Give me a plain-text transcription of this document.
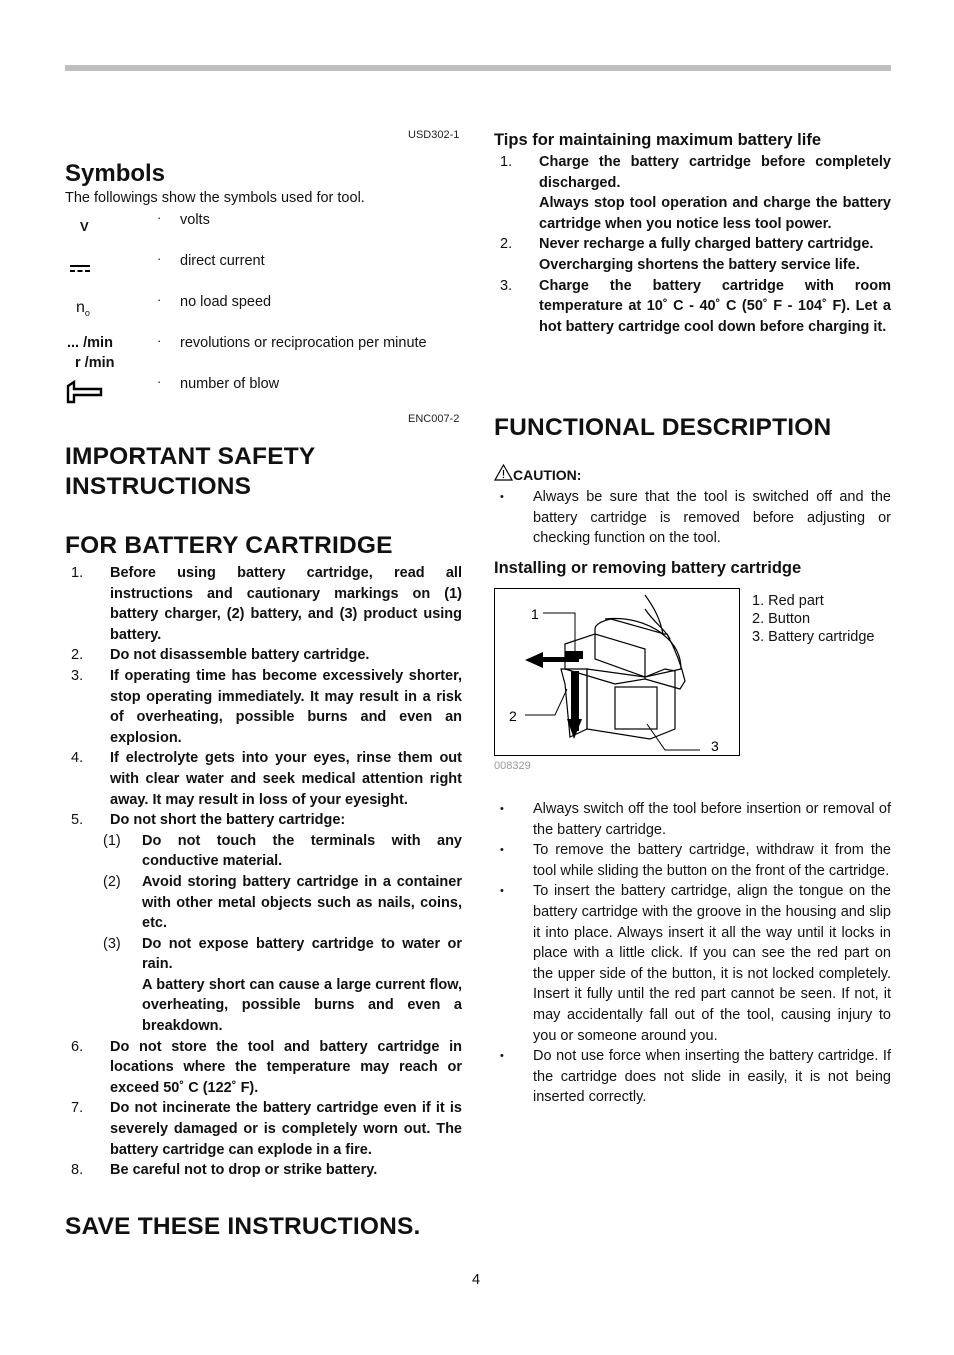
USD302-1
Symbols
The followings show the symbols used for tool.
V
· volts
· direct current
$n_o$
· no load speed
... /min
r /min
· revolutions or reciprocation per minute
· number of blow
ENC007-2
IMPORTANT SAFETY
INSTRUCTIONS
FOR BATTERY CARTRIDGE
1. Before using battery cartridge, read all instructions and cautionary markings on (1) battery charger, (2) battery, and (3) product using battery.
2. Do not disassemble battery cartridge.
3. If operating time has become excessively shorter, stop operating immediately. It may result in a risk of overheating, possible burns and even an explosion.
4. If electrolyte gets into your eyes, rinse them out with clear water and seek medical attention right away. It may result in loss of your eyesight.
5. Do not short the battery cartridge:
(1) Do not touch the terminals with any conductive material.
(2) Avoid storing battery cartridge in a container with other metal objects such as nails, coins, etc.
(3) Do not expose battery cartridge to water or rain.
A battery short can cause a large current flow, overheating, possible burns and even a breakdown.
6. Do not store the tool and battery cartridge in locations where the temperature may reach or exceed 50˚ C (122˚ F).
7. Do not incinerate the battery cartridge even if it is severely damaged or is completely worn out. The battery cartridge can explode in a fire.
8. Be careful not to drop or strike battery.
SAVE THESE INSTRUCTIONS.
Tips for maintaining maximum battery life
1. Charge the battery cartridge before completely discharged.
Always stop tool operation and charge the battery cartridge when you notice less tool power.
2. Never recharge a fully charged battery cartridge.
Overcharging shortens the battery service life.
3. Charge the battery cartridge with room temperature at 10˚ C - 40˚ C (50˚ F - 104˚ F). Let a hot battery cartridge cool down before charging it.
FUNCTIONAL DESCRIPTION
CAUTION:
• Always be sure that the tool is switched off and the battery cartridge is removed before adjusting or checking function on the tool.
Installing or removing battery cartridge
1
2
3
008329
1. Red part
2. Button
3. Battery cartridge
• Always switch off the tool before insertion or removal of the battery cartridge.
• To remove the battery cartridge, withdraw it from the tool while sliding the button on the front of the cartridge.
• To insert the battery cartridge, align the tongue on the battery cartridge with the groove in the housing and slip it into place. Always insert it all the way until it locks in place with a little click. If you can see the red part on the upper side of the button, it is not locked completely. Insert it fully until the red part cannot be seen. If not, it may accidentally fall out of the tool, causing injury to you or someone around you.
• Do not use force when inserting the battery cartridge. If the cartridge does not slide in easily, it is not being inserted correctly.
4
